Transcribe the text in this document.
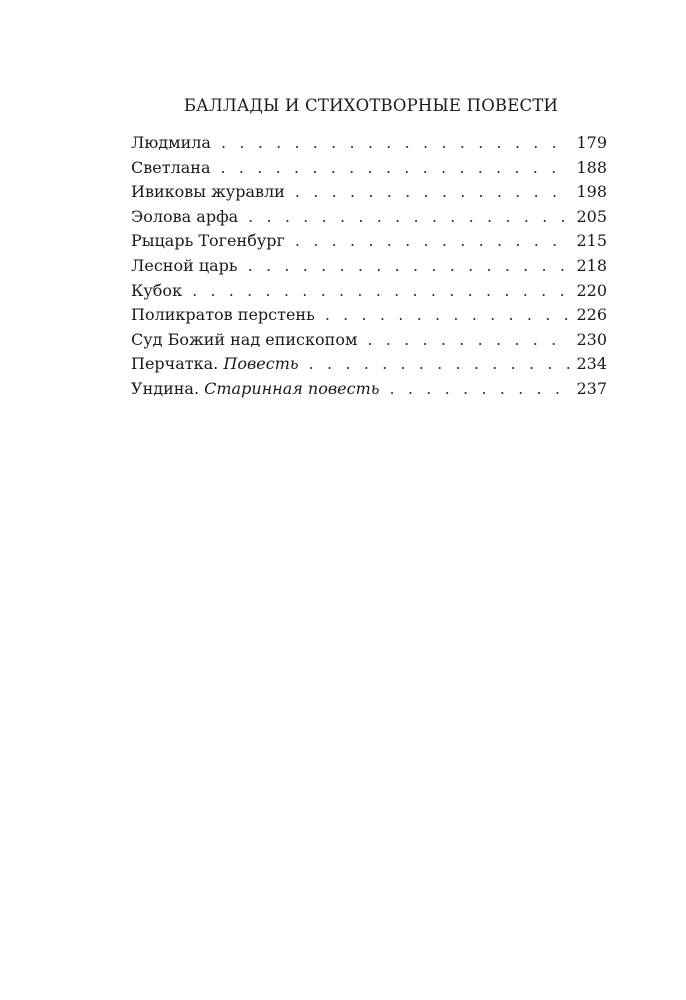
БАЛЛАДЫ И СТИХОТВОРНЫЕ ПОВЕСТИ
Людмила . . .	179
Светлана . . .	188
Ивиковы журавли . . .	198
Эолова арфа . . .	205
Рыцарь Тогенбург . . .	215
Лесной царь . . .	218
Кубок . . .	220
Поликратов перстень . . .	226
Суд Божий над епископом . . .	230
Перчатка. Повесть . . .	234
Ундина. Старинная повесть . . .	237
